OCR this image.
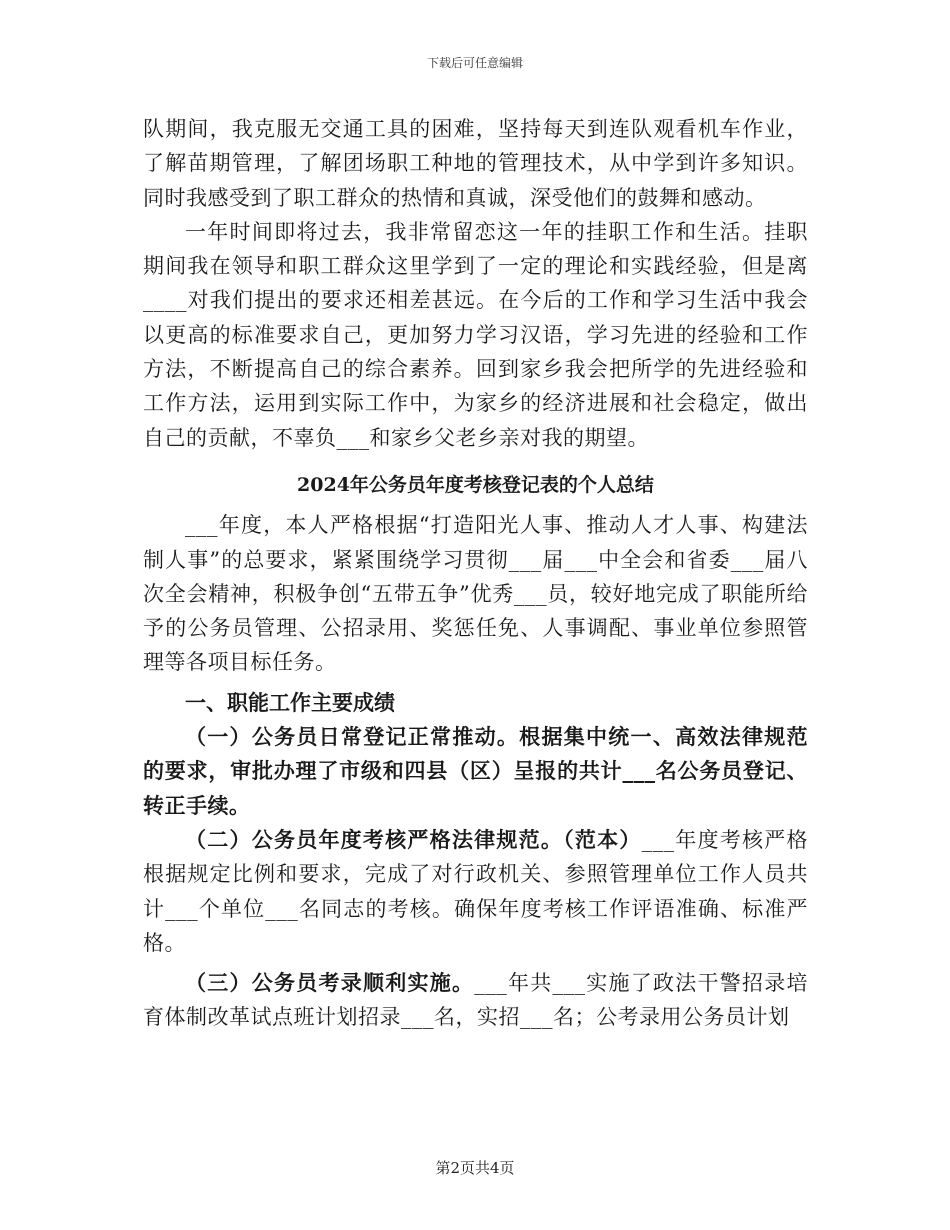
下载后可任意编辑

队期间，我克服无交通工具的困难，坚持每天到连队观看机车作业，了解苗期管理，了解团场职工种地的管理技术，从中学到许多知识。同时我感受到了职工群众的热情和真诚，深受他们的鼓舞和感动。

一年时间即将过去，我非常留恋这一年的挂职工作和生活。挂职期间我在领导和职工群众这里学到了一定的理论和实践经验，但是离____对我们提出的要求还相差甚远。在今后的工作和学习生活中我会以更高的标准要求自己，更加努力学习汉语，学习先进的经验和工作方法，不断提高自己的综合素养。回到家乡我会把所学的先进经验和工作方法，运用到实际工作中，为家乡的经济进展和社会稳定，做出自己的贡献，不辜负___和家乡父老乡亲对我的期望。

2024年公务员年度考核登记表的个人总结

___年度，本人严格根据“打造阳光人事、推动人才人事、构建法制人事”的总要求，紧紧围绕学习贯彻___届___中全会和省委___届八次全会精神，积极争创“五带五争”优秀___员，较好地完成了职能所给予的公务员管理、公招录用、奖惩任免、人事调配、事业单位参照管理等各项目标任务。

一、职能工作主要成绩

（一）公务员日常登记正常推动。根据集中统一、高效法律规范的要求，审批办理了市级和四县（区）呈报的共计___名公务员登记、转正手续。

（二）公务员年度考核严格法律规范。（范本）___年度考核严格根据规定比例和要求，完成了对行政机关、参照管理单位工作人员共计___个单位___名同志的考核。确保年度考核工作评语准确、标准严格。

（三）公务员考录顺利实施。___年共___实施了政法干警招录培育体制改革试点班计划招录___名，实招___名；公考录用公务员计划

第2页共4页
